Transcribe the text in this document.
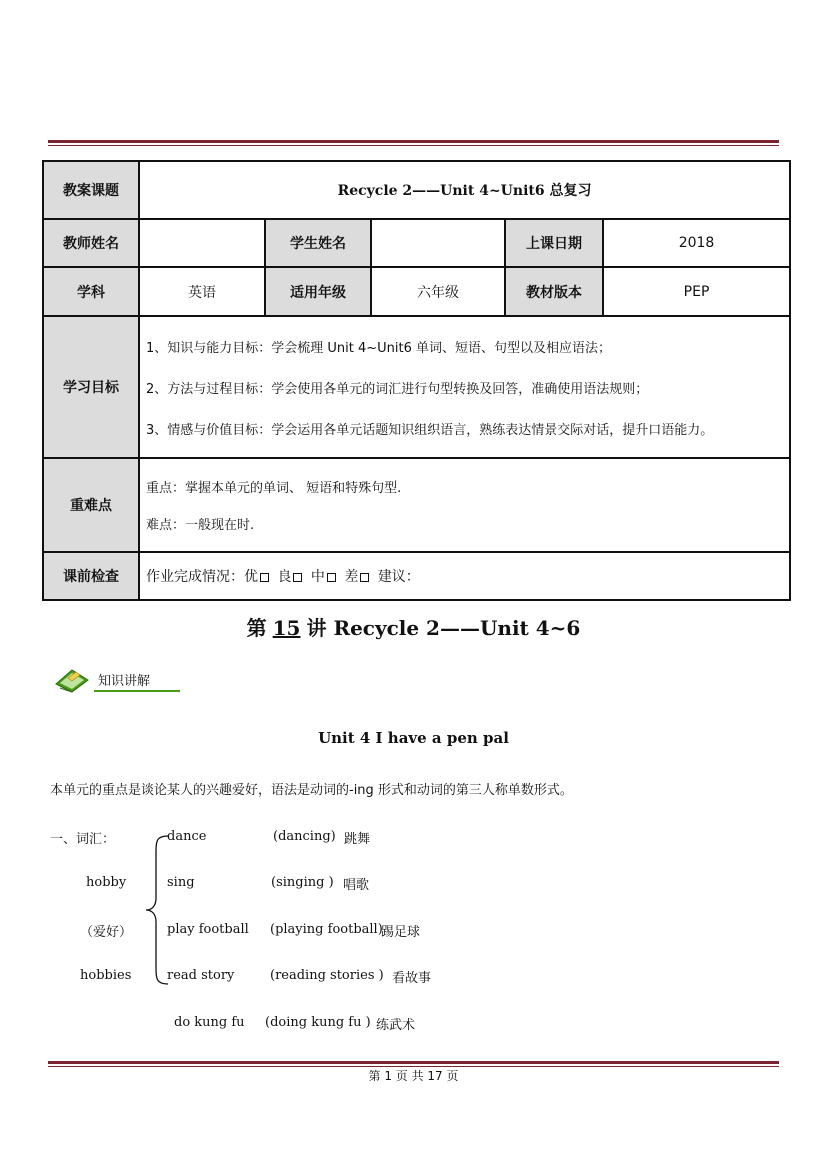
教案课题	Recycle 2——Unit 4~Unit6 总复习				
教师姓名		学生姓名		上课日期	2018
学科	英语	适用年级	六年级	教材版本	PEP
学习目标	1、知识与能力目标：学会梳理 Unit 4~Unit6 单词、短语、句型以及相应语法；

2、方法与过程目标：学会使用各单元的词汇进行句型转换及回答，准确使用语法规则；

3、情感与价值目标：学会运用各单元话题知识组织语言，熟练表达情景交际对话，提升口语能力。				

重难点	重点：掌握本单元的单词、 短语和特殊句型.

难点：一般现在时.				

课前检查	作业完成情况：优 良 中 差 建议：				
第 15 讲 Recycle 2——Unit 4~6
知识讲解
Unit 4 I have a pen pal
本单元的重点是谈论某人的兴趣爱好，语法是动词的-ing 形式和动词的第三人称单数形式。
一、词汇：
hobby
（爱好）
hobbies
dance	(dancing) 跳舞
sing	(singing ) 唱歌
play football (playing football)
踢足球
read story	(reading stories ) 看故事
do kung fu (doing kung fu ) 练武术
第 1 页 共 17 页
